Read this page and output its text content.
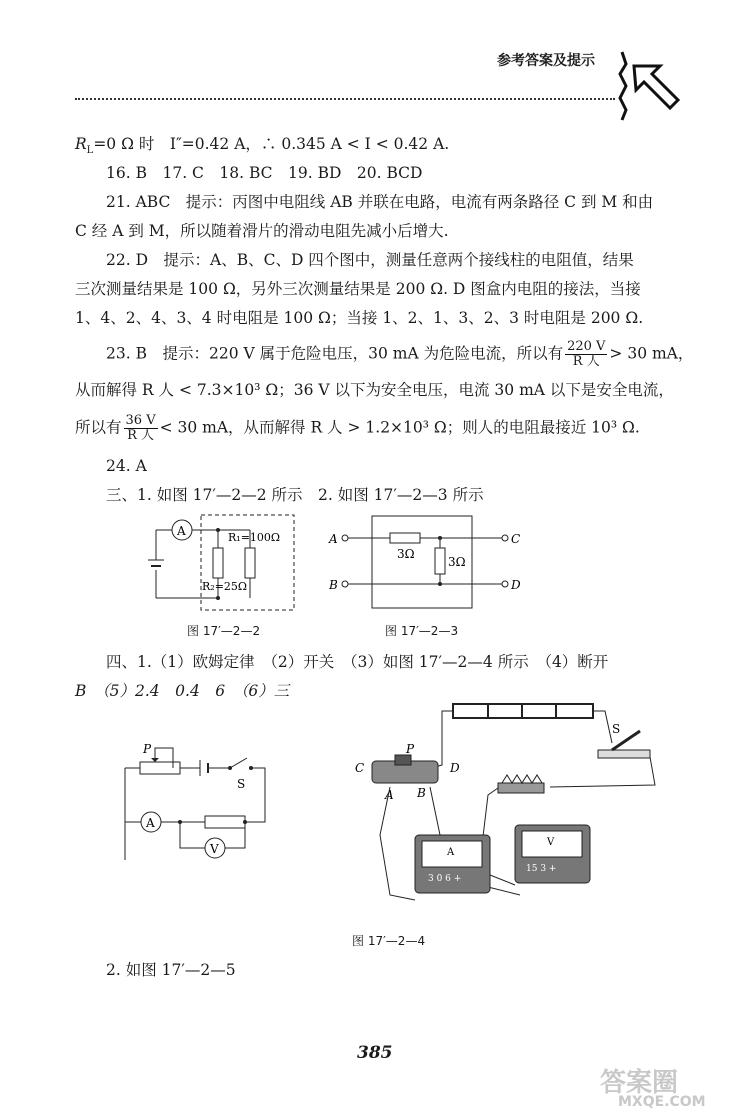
参考答案及提示
$R_L=0$ Ω 时　I″=0.42 A，∴ 0.345 A < I < 0.42 A.
16. B　17. C　18. BC　19. BD　20. BCD
21. ABC　提示：丙图中电阻线 AB 并联在电路，电流有两条路径 C 到 M 和由
C 经 A 到 M，所以随着滑片的滑动电阻先减小后增大.
22. D　提示：A、B、C、D 四个图中，测量任意两个接线柱的电阻值，结果
三次测量结果是 100 Ω，另外三次测量结果是 200 Ω. D 图盒内电阻的接法，当接
1、4、2、4、3、4 时电阻是 100 Ω；当接 1、2、1、3、2、3 时电阻是 200 Ω.
23. B　提示：220 V 属于危险电压，30 mA 为危险电流，所以有 $\frac{220 V}{\text{R 人}} > 30$ mA，
从而解得 R 人 < 7.3×10³ Ω；36 V 以下为安全电压，电流 30 mA 以下是安全电流，
所以有 $\frac{36 V}{\text{R 人}} < 30$ mA，从而解得 R 人 > 1.2×10³ Ω；则人的电阻最接近 10³ Ω.
24. A
三、1. 如图 17′—2—2 所示　2. 如图 17′—2—3 所示
A	R₁=100Ω
R₂=25Ω
图 17′—2—2
A
B
C
D
3Ω
3Ω
图 17′—2—3
四、1.（1）欧姆定律　（2）开关　（3）如图 17′—2—4 所示　（4）断开
B　（5）2.4　0.4　6　（6）三
P
S
A
V
S
C	D
P
A B
A
3 0 6 +
V
15 3 +
图 17′—2—4
2. 如图 17′—2—5
385
答案圈
MXQE.COM
